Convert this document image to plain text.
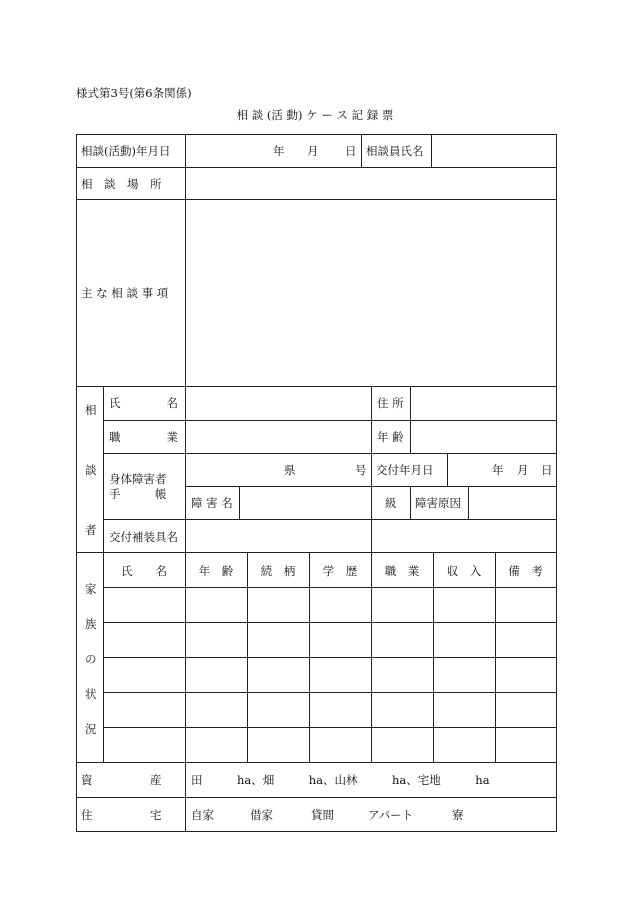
様式第3号(第6条関係)
相 談 (活 動) ケ ー ス 記 録 票
相談(活動)年月日	年 月 日 相談員氏名
相　談　場　所
主 な 相 談 事 項
相
談
者
氏　　　　名	住 所
職　　　　業	年 齢
身体障害者
手　　　帳
県	号 交付年月日	年 月 日
障 害 名	級 障害原因
交付補装具名
家
族
の
状
況
氏　　名	年　齢	続　柄	学　歴	職　業	収　入	備　考
資　　　　　産	田　　　ha、畑　　　ha、山林　　　ha、宅地　　　ha
住　　　　　宅	自家	借家	貸間	アパート	寮
